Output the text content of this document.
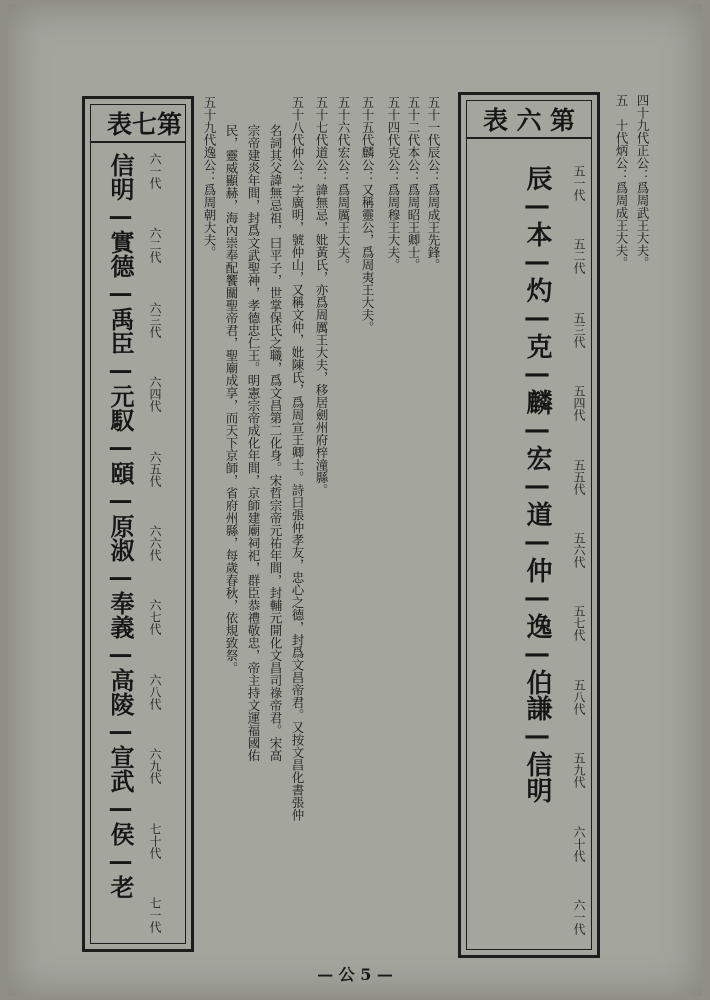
四十九代正公：爲周武王大夫。
五　十代炳公：爲周成王大夫。
表 六 第
辰—本—灼—克—麟—宏—道—仲—逸—伯謙—信明	五一代
五二代
五三代
五四代
五五代
五六代
五七代
五八代
五九代
六十代
六一代
五十一代辰公：爲周成王先鋒。
五十二代本公：爲周昭王卿士。
五十四代克公：爲周穆王大夫。
五十五代麟公：又稱靈公，爲周夷王大夫。
五十六代宏公：爲周厲王大夫。
五十七代道公：諱無忌，妣黃氏，亦爲周厲王大夫，移居劍州府梓潼縣。
五十八代仲公：字廣明，號仲山，又稱文仲，妣陳氏，爲周宣王卿士。詩曰張仲孝友，忠心之德，封爲文昌帝君。又按文昌化書張仲
名詞其父諱無忌祖，曰平子，世掌保氏之職，爲文昌第二化身。宋哲宗帝元祐年間，封輔元開化文昌司祿帝君。宋高
宗帝建炎年間，封爲文武聖神，孝德忠仁王。明憲宗帝成化年間，京師建廟祠祀，群臣恭禮敬忠，帝主持文運福國佑
民，靈威顯赫，海內崇奉配饗關聖帝君，聖廟成享，而天下京師，省府州縣，每歲春秋，依規致祭。
五十九代逸公：爲周朝大夫。
表 七 第
六一代
六二代
六三代
六四代
六五代
六六代
六七代
六八代
六九代
七十代
七一代
信明—實德—禹臣—元馭—頤—原淑—奉義—高陵—宣武—侯—老
— 公 5 —
